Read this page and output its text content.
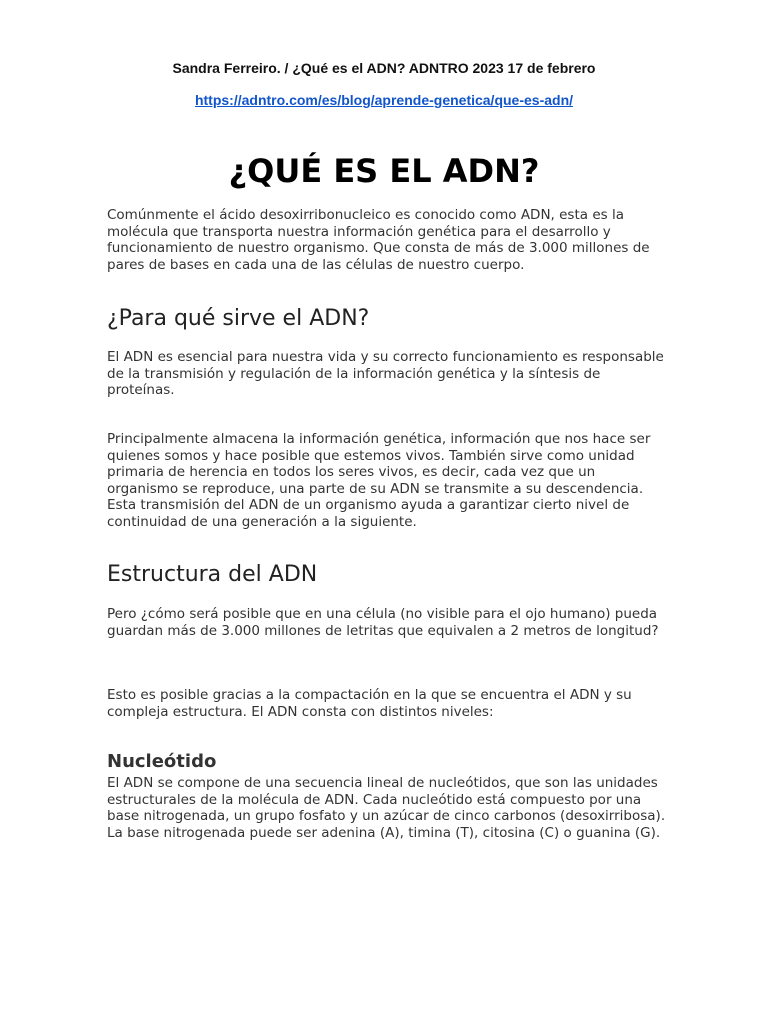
Sandra Ferreiro. / ¿Qué es el ADN? ADNTRO 2023 17 de febrero
https://adntro.com/es/blog/aprende-genetica/que-es-adn/
¿QUÉ ES EL ADN?

Comúnmente el ácido desoxirribonucleico es conocido como ADN, esta es la molécula que transporta nuestra información genética para el desarrollo y funcionamiento de nuestro organismo. Que consta de más de 3.000 millones de pares de bases en cada una de las células de nuestro cuerpo.

¿Para qué sirve el ADN?

El ADN es esencial para nuestra vida y su correcto funcionamiento es responsable de la transmisión y regulación de la información genética y la síntesis de proteínas.

Principalmente almacena la información genética, información que nos hace ser quienes somos y hace posible que estemos vivos. También sirve como unidad primaria de herencia en todos los seres vivos, es decir, cada vez que un organismo se reproduce, una parte de su ADN se transmite a su descendencia. Esta transmisión del ADN de un organismo ayuda a garantizar cierto nivel de continuidad de una generación a la siguiente.

Estructura del ADN

Pero ¿cómo será posible que en una célula (no visible para el ojo humano) pueda guardan más de 3.000 millones de letritas que equivalen a 2 metros de longitud?

Esto es posible gracias a la compactación en la que se encuentra el ADN y su compleja estructura. El ADN consta con distintos niveles:

Nucleótido

El ADN se compone de una secuencia lineal de nucleótidos, que son las unidades estructurales de la molécula de ADN. Cada nucleótido está compuesto por una base nitrogenada, un grupo fosfato y un azúcar de cinco carbonos (desoxirribosa). La base nitrogenada puede ser adenina (A), timina (T), citosina (C) o guanina (G).
